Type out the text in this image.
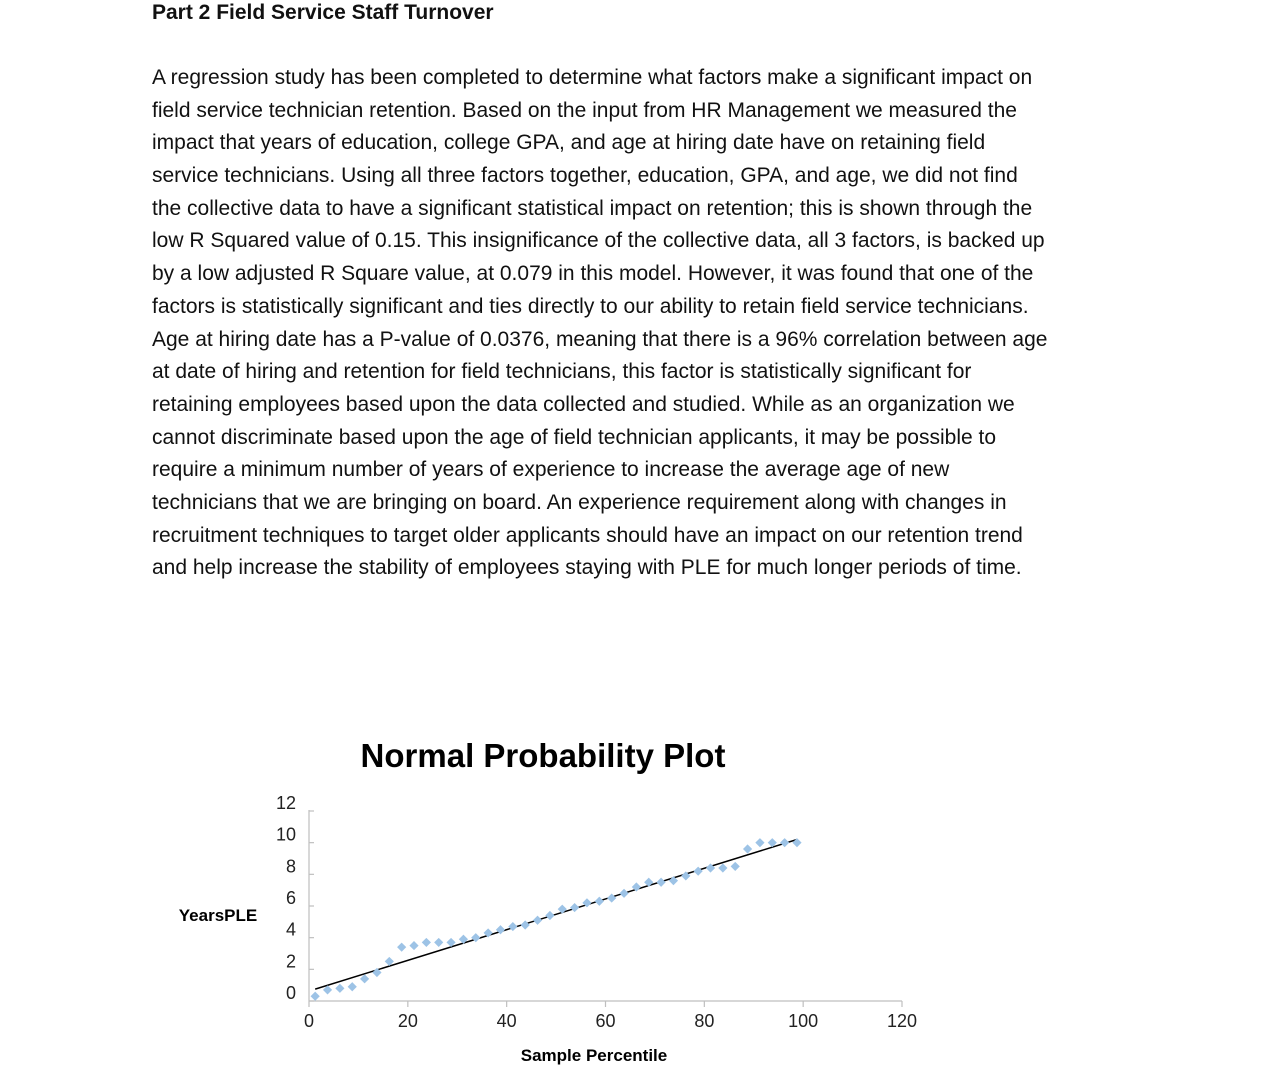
Part 2 Field Service Staff Turnover
A regression study has been completed to determine what factors make a significant impact on
field service technician retention. Based on the input from HR Management we measured the
impact that years of education, college GPA, and age at hiring date have on retaining field
service technicians. Using all three factors together, education, GPA, and age, we did not find
the collective data to have a significant statistical impact on retention; this is shown through the
low R Squared value of 0.15. This insignificance of the collective data, all 3 factors, is backed up
by a low adjusted R Square value, at 0.079 in this model. However, it was found that one of the
factors is statistically significant and ties directly to our ability to retain field service technicians.
Age at hiring date has a P-value of 0.0376, meaning that there is a 96% correlation between age
at date of hiring and retention for field technicians, this factor is statistically significant for
retaining employees based upon the data collected and studied. While as an organization we
cannot discriminate based upon the age of field technician applicants, it may be possible to
require a minimum number of years of experience to increase the average age of new
technicians that we are bringing on board. An experience requirement along with changes in
recruitment techniques to target older applicants should have an impact on our retention trend
and help increase the stability of employees staying with PLE for much longer periods of time.
Normal Probability Plot
YearsPLE
Sample Percentile
0
2
4
6
8
10
12
0	20	40	60	80	100	120
